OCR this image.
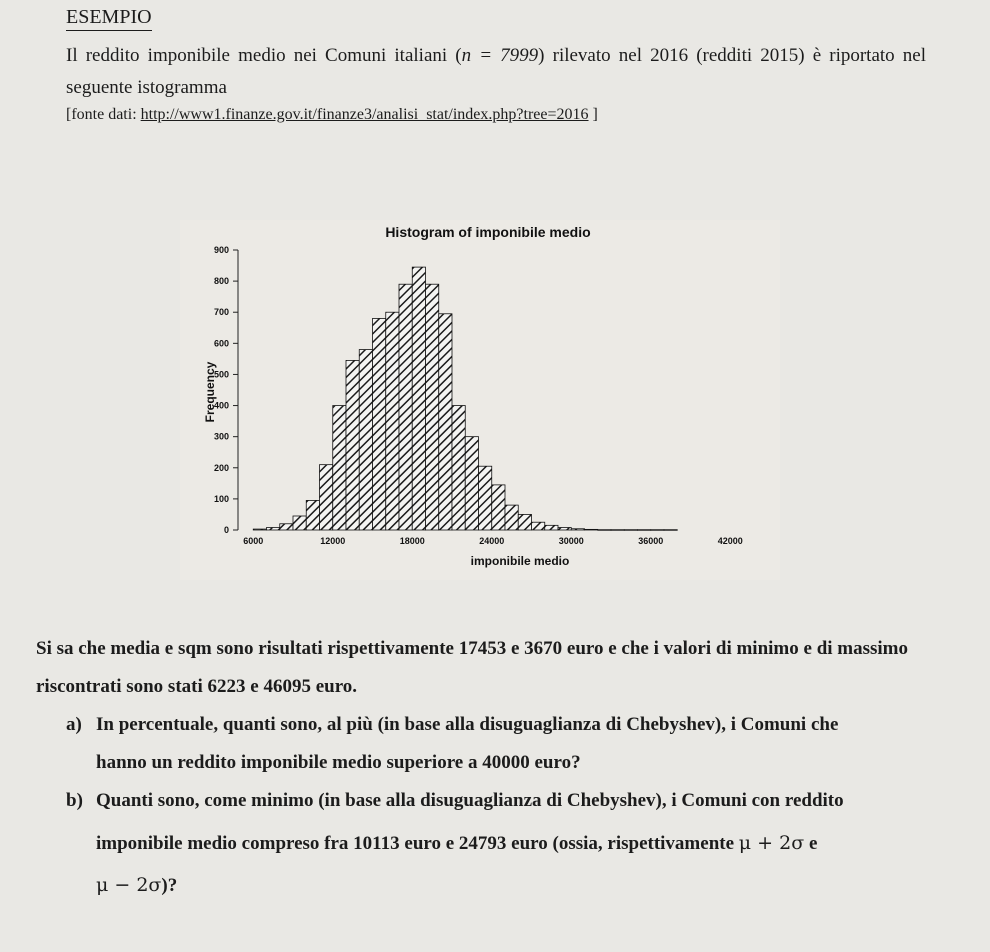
ESEMPIO
Il reddito imponibile medio nei Comuni italiani (n = 7999) rilevato nel 2016 (redditi 2015) è riportato nel seguente istogramma
[fonte dati: http://www1.finanze.gov.it/finanze3/analisi_stat/index.php?tree=2016 ]
Histogram of imponibile medio
0
100
200
300
400
500
600
700
800
900
6000	12000	18000	24000	30000	36000	42000
imponibile medio
Frequency

Si sa che media e sqm sono risultati rispettivamente 17453 e 3670 euro e che i valori di minimo e di massimo riscontrati sono stati 6223 e 46095 euro.

a) In percentuale, quanti sono, al più (in base alla disuguaglianza di Chebyshev), i Comuni che
hanno un reddito imponibile medio superiore a 40000 euro?
b) Quanti sono, come minimo (in base alla disuguaglianza di Chebyshev), i Comuni con reddito
imponibile medio compreso fra 10113 euro e 24793 euro (ossia, rispettivamente μ + 2σ e
μ − 2σ)?
